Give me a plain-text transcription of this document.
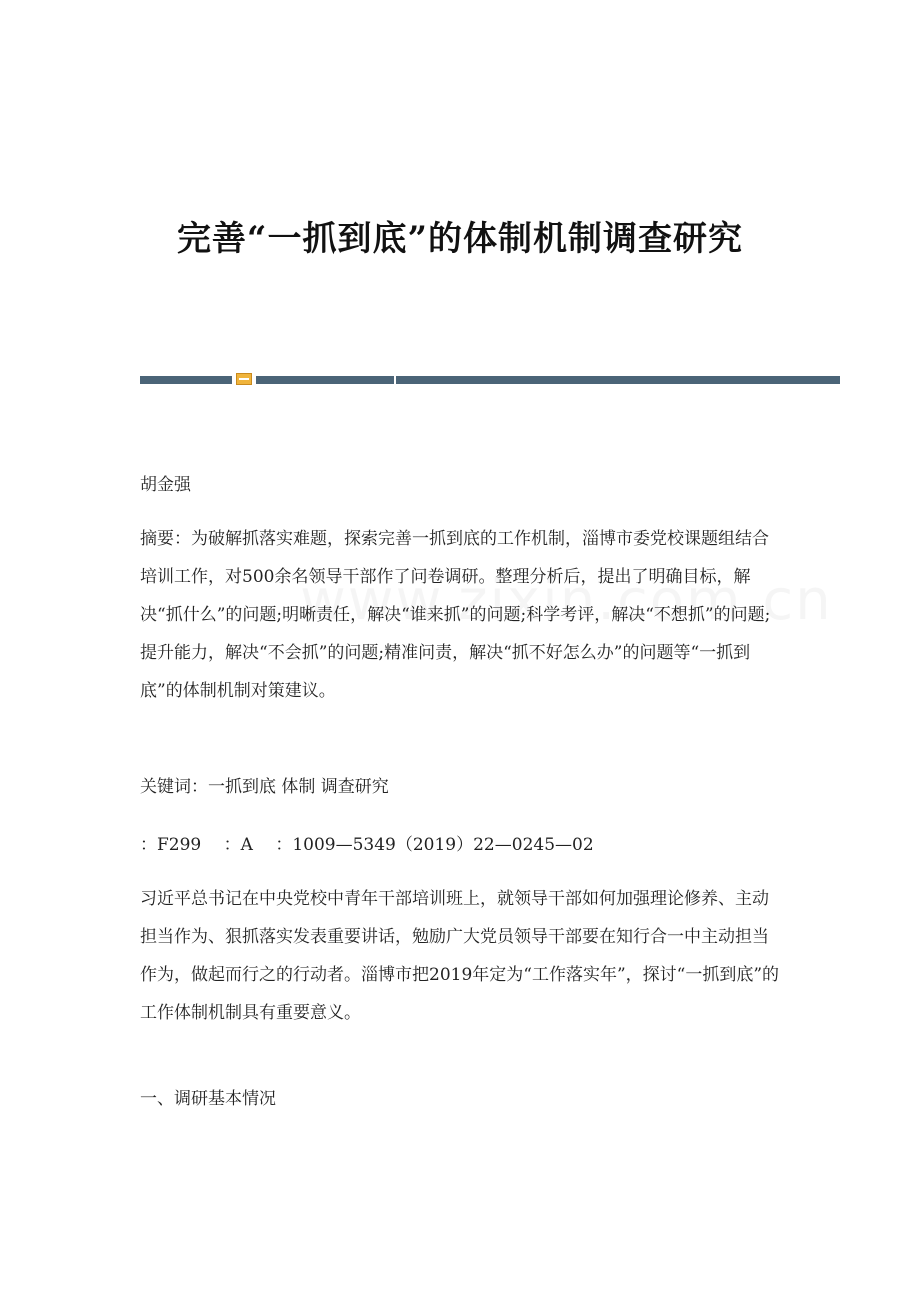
完善“一抓到底”的体制机制调查研究
胡金强
摘要：为破解抓落实难题，探索完善一抓到底的工作机制，淄博市委党校课题组结合培训工作，对500余名领导干部作了问卷调研。整理分析后，提出了明确目标，解决“抓什么”的问题;明晰责任，解决“谁来抓”的问题;科学考评，解决“不想抓”的问题;提升能力，解决“不会抓”的问题;精准问责，解决“抓不好怎么办”的问题等“一抓到底”的体制机制对策建议。
关键词：一抓到底 体制 调查研究
：F299　 ：A　 ：1009—5349（2019）22—0245—02
习近平总书记在中央党校中青年干部培训班上，就领导干部如何加强理论修养、主动担当作为、狠抓落实发表重要讲话，勉励广大党员领导干部要在知行合一中主动担当作为，做起而行之的行动者。淄博市把2019年定为“工作落实年”，探讨“一抓到底”的工作体制机制具有重要意义。
一、调研基本情况
